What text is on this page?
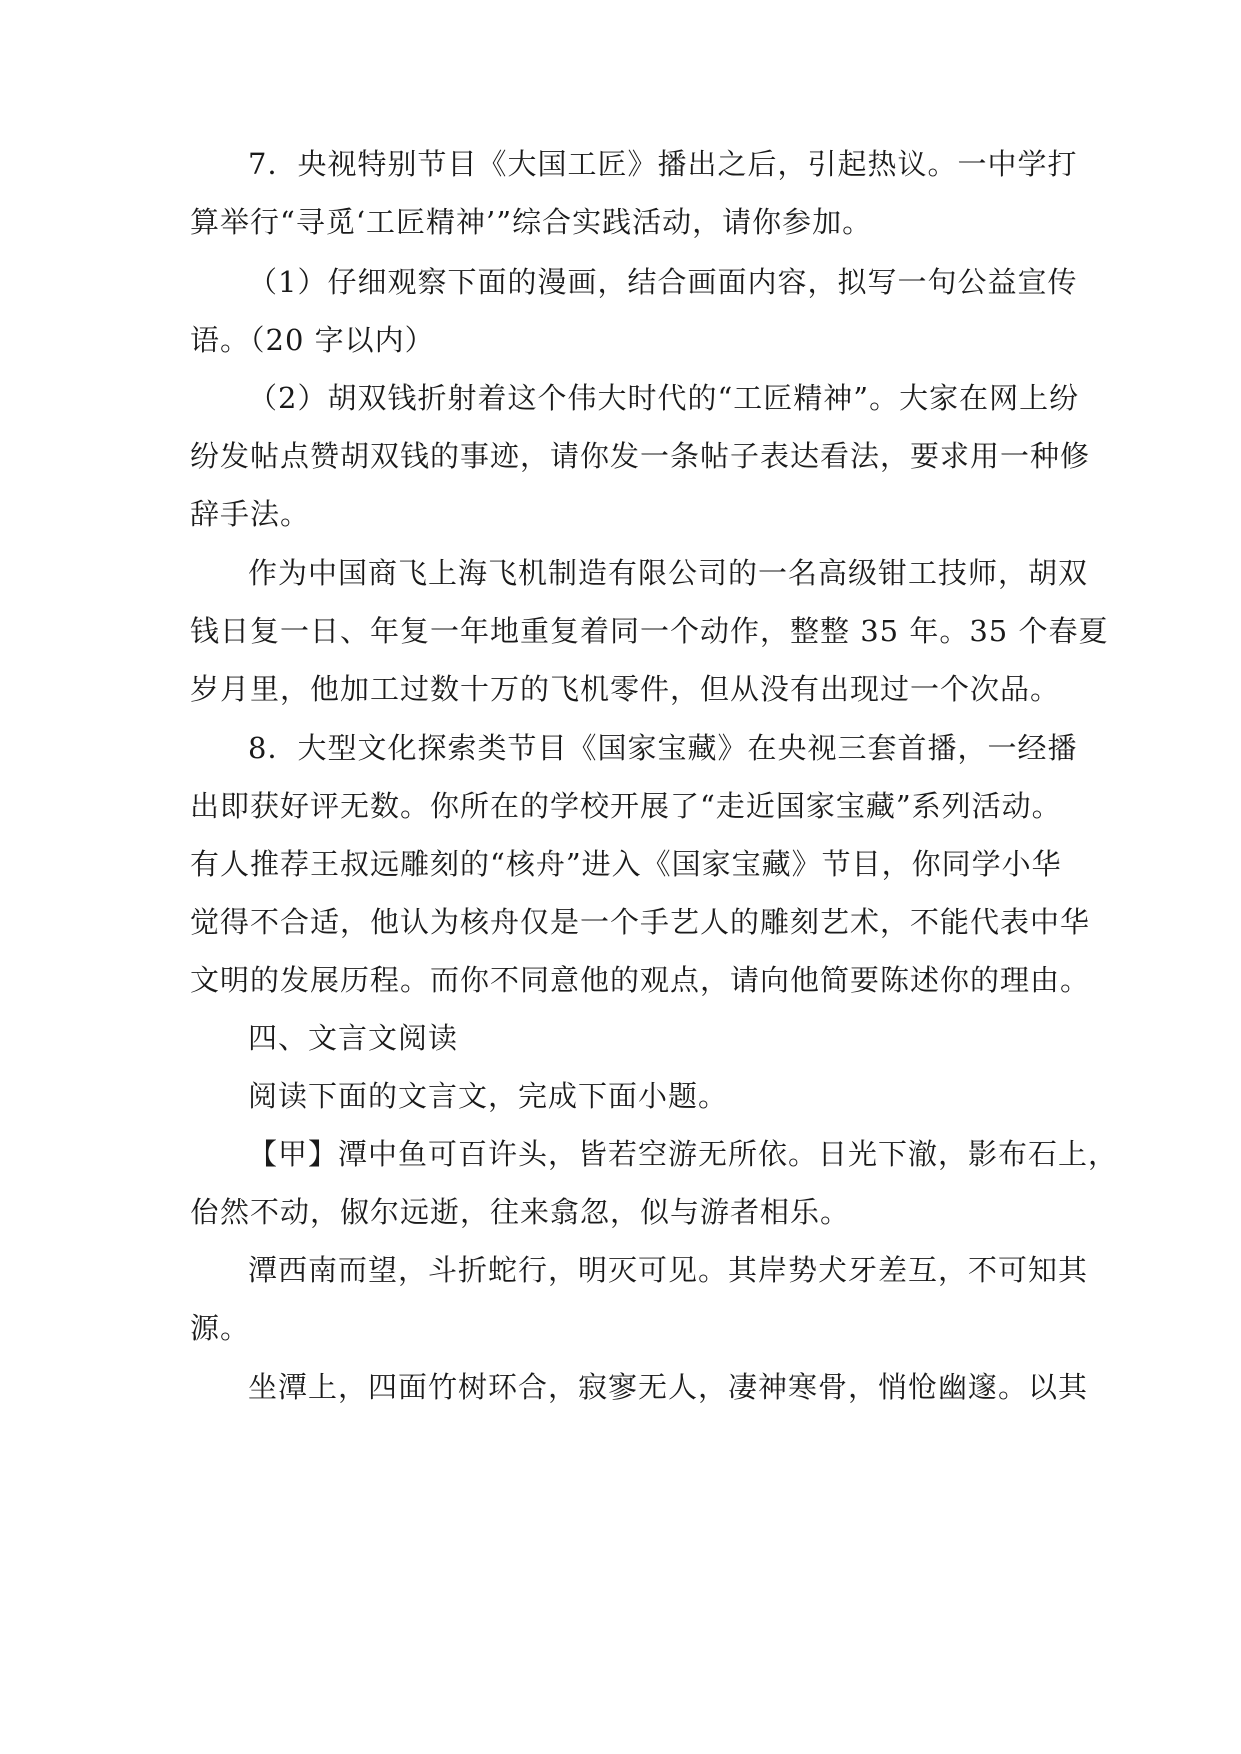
7．央视特别节目《大国工匠》播出之后，引起热议。一中学打
算举行“寻觅‘工匠精神’”综合实践活动，请你参加。
（1）仔细观察下面的漫画，结合画面内容，拟写一句公益宣传
语。（20 字以内）
（2）胡双钱折射着这个伟大时代的“工匠精神”。大家在网上纷
纷发帖点赞胡双钱的事迹，请你发一条帖子表达看法，要求用一种修
辞手法。
作为中国商飞上海飞机制造有限公司的一名高级钳工技师，胡双
钱日复一日、年复一年地重复着同一个动作，整整 35 年。35 个春夏
岁月里，他加工过数十万的飞机零件，但从没有出现过一个次品。
8．大型文化探索类节目《国家宝藏》在央视三套首播，一经播
出即获好评无数。你所在的学校开展了“走近国家宝藏”系列活动。
有人推荐王叔远雕刻的“核舟”进入《国家宝藏》节目，你同学小华
觉得不合适，他认为核舟仅是一个手艺人的雕刻艺术，不能代表中华
文明的发展历程。而你不同意他的观点，请向他简要陈述你的理由。
四、文言文阅读
阅读下面的文言文，完成下面小题。
【甲】潭中鱼可百许头，皆若空游无所依。日光下澈，影布石上，
佁然不动，俶尔远逝，往来翕忽，似与游者相乐。
潭西南而望，斗折蛇行，明灭可见。其岸势犬牙差互，不可知其
源。
坐潭上，四面竹树环合，寂寥无人，凄神寒骨，悄怆幽邃。以其
